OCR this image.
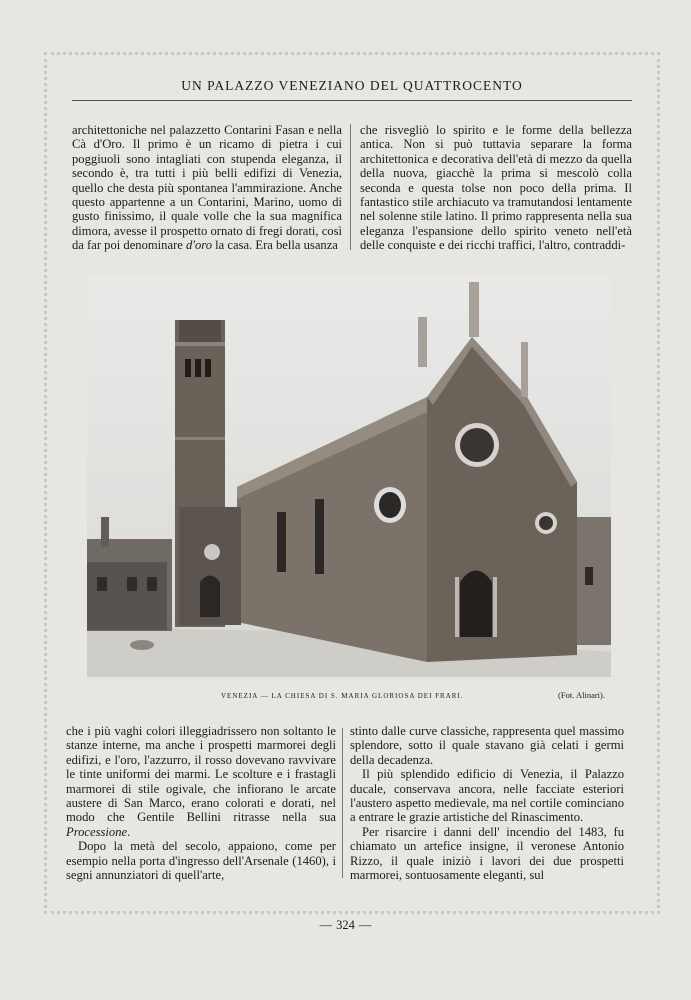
UN PALAZZO VENEZIANO DEL QUATTROCENTO

architettoniche nel palazzetto Contarini Fasan e nella Cà d'Oro. Il primo è un ricamo di pietra i cui poggiuoli sono intagliati con stupenda eleganza, il secondo è, tra tutti i più belli edifizi di Venezia, quello che desta più spontanea l'ammirazione. Anche questo appartenne a un Contarini, Marino, uomo di gusto finissimo, il quale volle che la sua magnifica dimora, avesse il prospetto ornato di fregi dorati, così da far poi denominare d'oro la casa. Era bella usanza

che risvegliò lo spirito e le forme della bellezza antica. Non si può tuttavia separare la forma architettonica e decorativa dell'età di mezzo da quella della nuova, giacchè la prima si mescolò colla seconda e questa tolse non poco della prima. Il fantastico stile archiacuto va tramutandosi lentamente nel solenne stile latino. Il primo rappresenta nella sua eleganza l'espansione dello spirito veneto nell'età delle conquiste e dei ricchi traffici, l'altro, contraddi-

VENEZIA — LA CHIESA DI S. MARIA GLORIOSA DEI FRARI.	(Fot. Alinari).

che i più vaghi colori illeggiadrissero non soltanto le stanze interne, ma anche i prospetti marmorei degli edifizi, e l'oro, l'azzurro, il rosso dovevano ravvivare le tinte uniformi dei marmi. Le scolture e i frastagli marmorei di stile ogivale, che infiorano le arcate austere di San Marco, erano colorati e dorati, nel modo che Gentile Bellini ritrasse nella sua Processione.

Dopo la metà del secolo, appaiono, come per esempio nella porta d'ingresso dell'Arsenale (1460), i segni annunziatori di quell'arte,

stinto dalle curve classiche, rappresenta quel massimo splendore, sotto il quale stavano già celati i germi della decadenza.

Il più splendido edificio di Venezia, il Palazzo ducale, conservava ancora, nelle facciate esteriori l'austero aspetto medievale, ma nel cortile cominciano a entrare le grazie artistiche del Rinascimento.

Per risarcire i danni dell' incendio del 1483, fu chiamato un artefice insigne, il veronese Antonio Rizzo, il quale iniziò i lavori dei due prospetti marmorei, sontuosamente eleganti, sul

— 324 —
